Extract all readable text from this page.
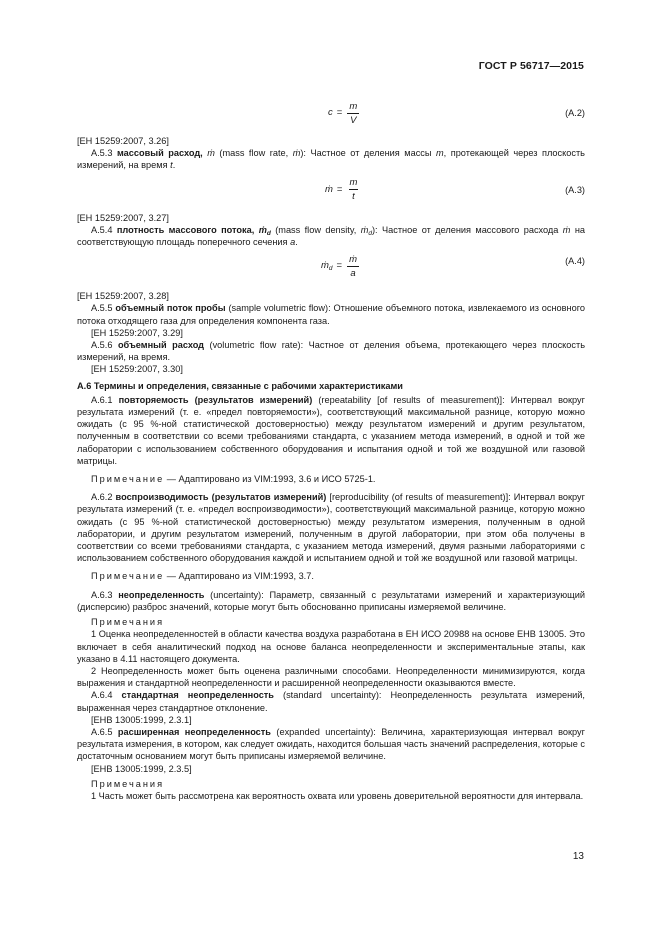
ГОСТ Р 56717—2015
$c = \frac{m}{V}$	(A.2)
[EH 15259:2007, 3.26]
A.5.3 массовый расход, ṁ (mass flow rate, ṁ): Частное от деления массы m, протекающей через плоскость измерений, на время t.
ṁ = $\frac{m}{t}$	(A.3)
[EH 15259:2007, 3.27]
A.5.4 плотность массового потока, ṁ$_d$ (mass flow density, ṁ$_d$): Частное от деления массового расхода ṁ на соответствующую площадь поперечного сечения a.
ṁ$_d$ = $\frac{\text{ṁ}}{a}$	(A.4)
[EH 15259:2007, 3.28]
A.5.5 объемный поток пробы (sample volumetric flow): Отношение объемного потока, извлекаемого из основного потока отходящего газа для определения компонента газа.
[EH 15259:2007, 3.29]
A.5.6 объемный расход (volumetric flow rate): Частное от деления объема, протекающего через плоскость измерений, на время.
[EH 15259:2007, 3.30]
A.6 Термины и определения, связанные с рабочими характеристиками
A.6.1 повторяемость (результатов измерений) (repeatability [of results of measurement)]: Интервал вокруг результата измерений (т. е. «предел повторяемости»), соответствующий максимальной разнице, которую можно ожидать (с 95 %-ной статистической достоверностью) между результатом измерений и другим результатом, полученным в соответствии со всеми требованиями стандарта, с указанием метода измерений, в одной и той же лаборатории с использованием собственного оборудования и испытания одной и той же воздушной или газовой матрицы.
Примечание — Адаптировано из VIM:1993, 3.6 и ИСО 5725-1.
A.6.2 воспроизводимость (результатов измерений) [reproducibility (of results of measurement)]: Интервал вокруг результата измерений (т. е. «предел воспроизводимости»), соответствующий максимальной разнице, которую можно ожидать (с 95 %-ной статистической достоверностью) между результатом измерения, полученным в одной лаборатории, и другим результатом измерений, полученным в другой лаборатории, при этом оба получены в соответствии со всеми требованиями стандарта, с указанием метода измерений, двумя разными лабораториями с использованием собственного оборудования каждой и испытанием одной и той же воздушной или газовой матрицы.
Примечание — Адаптировано из VIM:1993, 3.7.
A.6.3 неопределенность (uncertainty): Параметр, связанный с результатами измерений и характеризующий (дисперсию) разброс значений, которые могут быть обоснованно приписаны измеряемой величине.
Примечания
1 Оценка неопределенностей в области качества воздуха разработана в ЕН ИСО 20988 на основе ЕНВ 13005. Это включает в себя аналитический подход на основе баланса неопределенности и экспериментальные этапы, как указано в 4.11 настоящего документа.
2 Неопределенность может быть оценена различными способами. Неопределенности минимизируются, когда выражения и стандартной неопределенности и расширенной неопределенности оказываются вместе.
A.6.4 стандартная неопределенность (standard uncertainty): Неопределенность результата измерений, выраженная через стандартное отклонение.
[ЕНВ 13005:1999, 2.3.1]
A.6.5 расширенная неопределенность (expanded uncertainty): Величина, характеризующая интервал вокруг результата измерения, в котором, как следует ожидать, находится большая часть значений распределения, которые с достаточным основанием могут быть приписаны измеряемой величине.
[ЕНВ 13005:1999, 2.3.5]
Примечания
1 Часть может быть рассмотрена как вероятность охвата или уровень доверительной вероятности для интервала.
13
